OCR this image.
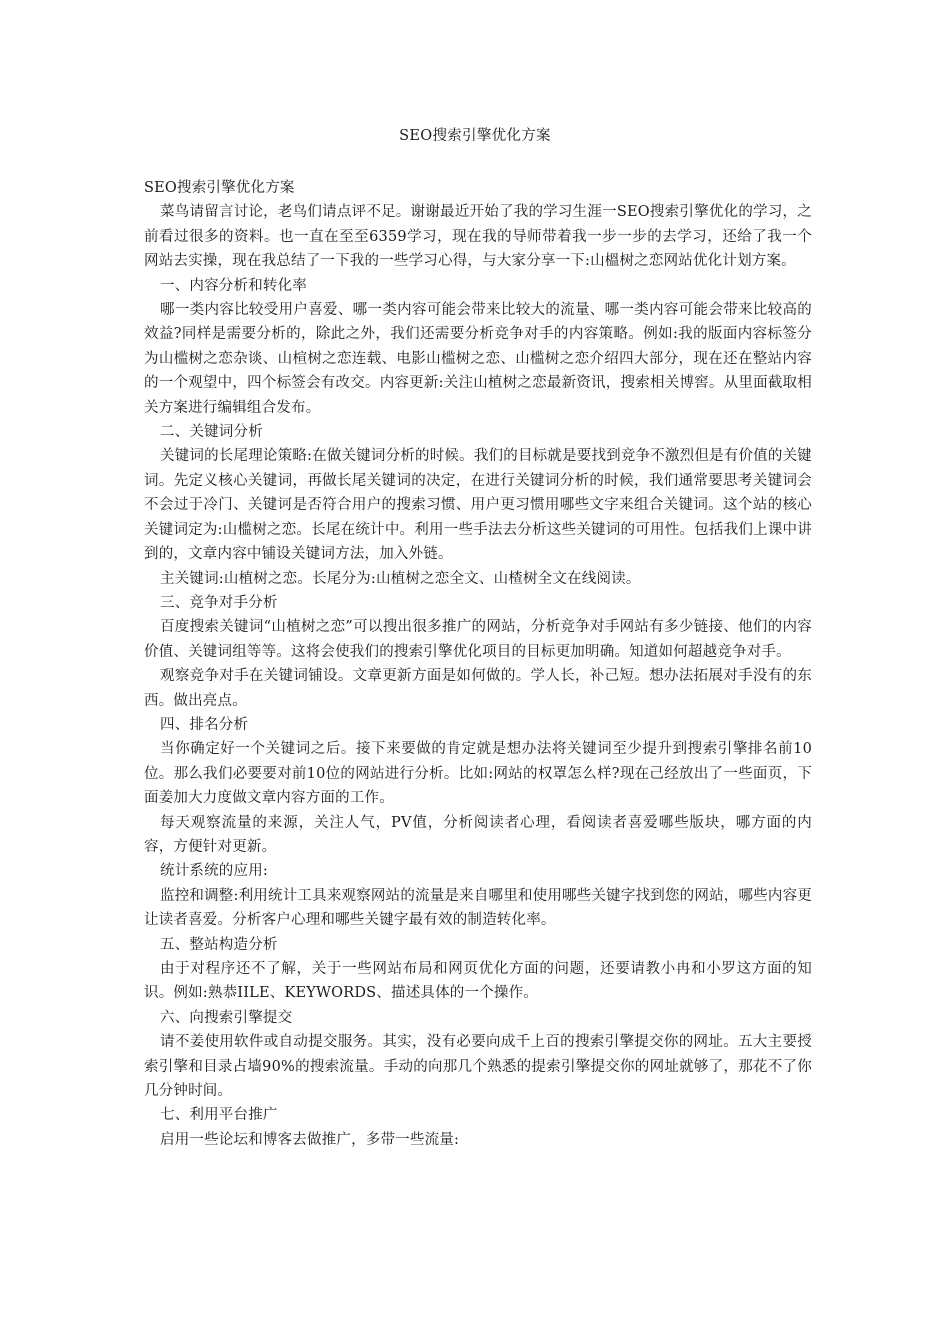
SEO搜索引擎优化方案

SEO搜索引擎优化方案

菜鸟请留言讨论，老鸟们请点评不足。谢谢最近开始了我的学习生涯一SEO搜索引擎优化的学习，之前看过很多的资料。也一直在至至6359学习，现在我的导师带着我一步一步的去学习，还给了我一个网站去实操，现在我总结了一下我的一些学习心得，与大家分享一下:山榲树之恋网站优化计划方案。

一、内容分析和转化率

哪一类内容比较受用户喜爱、哪一类内容可能会带来比较大的流量、哪一类内容可能会带来比较高的效益?同样是需要分析的，除此之外，我们还需要分析竞争对手的内容策略。例如:我的版面内容标签分为山槛树之恋杂谈、山楦树之恋连载、电影山槛树之恋、山槛树之恋介绍四大部分，现在还在整站内容的一个观望中，四个标签会有改交。内容更新:关注山植树之恋最新资讯，搜索相关博窖。从里面截取相关方案进行编辑组合发布。

二、关键词分析

关键词的长尾理论策略:在做关键词分析的时候。我们的目标就是要找到竞争不激烈但是有价值的关键词。先定义核心关键词，再做长尾关键词的决定，在进行关键词分析的时候，我们通常要思考关键词会不会过于冷门、关键诃是否符合用户的搜索习惯、用户更习惯用哪些文字来组合关键词。这个站的核心关键词定为:山槛树之恋。长尾在统计中。利用一些手法去分析这些关键词的可用性。包括我们上课中讲到的，文章内容中铺设关键词方法，加入外链。

主关键词:山植树之恋。长尾分为:山植树之恋全文、山楂树全文在线阅读。

三、竞争对手分析

百度搜索关键词“山植树之恋”可以搜出很多推广的网站，分析竞争对手网站有多少链接、他们的内容价值、关键词组等等。这将会使我们的搜索引擎优化项目的目标更加明确。知道如何超越竞争对手。

观察竞争对手在关键词铺设。文章更新方面是如何做的。学人长，补己短。想办法拓展对手没有的东西。做出亮点。

四、排名分析

当你确定好一个关键词之后。接下来要做的肯定就是想办法将关键词至少提升到搜索引擎排名前10位。那么我们必要要对前10位的网站进行分析。比如:网站的权罩怎么样?现在己经放出了一些面页，下面姜加大力度做文章内容方面的工作。

每天观察流量的来源，关注人气，PV值，分析阅读者心理，看阅读者喜爱哪些版块，哪方面的内容，方便针对更新。

统计系统的应用:

监控和调整:利用统计工具来观察网站的流量是来自哪里和使用哪些关键字找到您的网站，哪些内容更让读者喜爱。分析客户心理和哪些关键字最有效的制造转化率。

五、整站构造分析

由于对程序还不了解，关于一些网站布局和网页优化方面的问题，还要请教小冉和小罗这方面的知识。例如:熟恭IILE、KEYWORDS、描述具体的一个操作。

六、向搜索引擎提交

请不姜使用软件或自动提交服务。其实，没有必要向成千上百的搜索引擎提交你的网址。五大主要授索引擎和目录占墙90%的搜索流量。手动的向那几个熟悉的提索引擎提交你的网址就够了，那花不了你几分钟时间。

七、利用平台推广

启用一些论坛和博客去做推广，多带一些流量:
